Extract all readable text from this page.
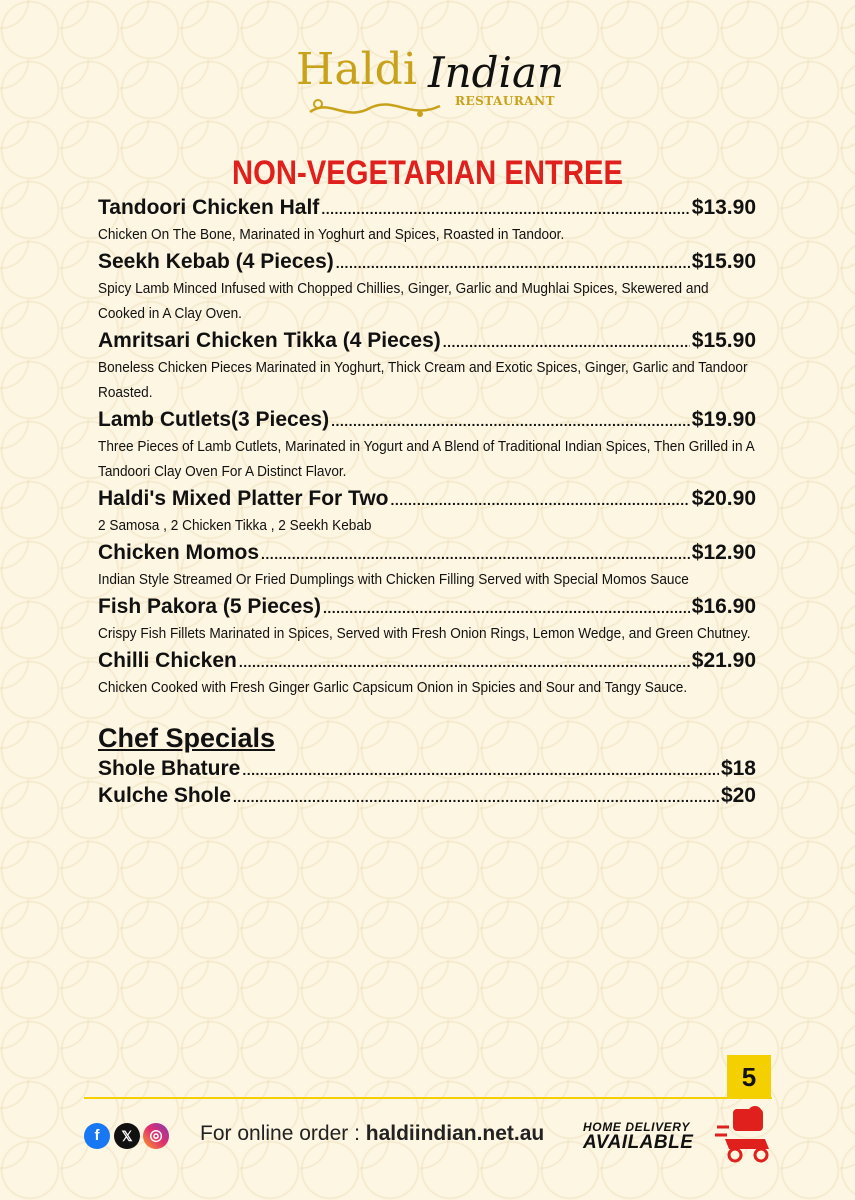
Haldi Indian
RESTAURANT
NON-VEGETARIAN ENTREE
Tandoori Chicken Half .....	$13.90
Chicken On The Bone, Marinated in Yoghurt and Spices, Roasted in Tandoor.
Seekh Kebab (4 Pieces) .....	$15.90
Spicy Lamb Minced Infused with Chopped Chillies, Ginger, Garlic and Mughlai Spices, Skewered and Cooked in A Clay Oven.
Amritsari Chicken Tikka (4 Pieces) .....	$15.90
Boneless Chicken Pieces Marinated in Yoghurt, Thick Cream and Exotic Spices, Ginger, Garlic and Tandoor Roasted.
Lamb Cutlets(3 Pieces) .....	$19.90
Three Pieces of Lamb Cutlets, Marinated in Yogurt and A Blend of Traditional Indian Spices, Then Grilled in A Tandoori Clay Oven For A Distinct Flavor.
Haldi's Mixed Platter For Two .....	$20.90
2 Samosa , 2 Chicken Tikka , 2 Seekh Kebab
Chicken Momos .....	$12.90
Indian Style Streamed Or Fried Dumplings with Chicken Filling Served with Special Momos Sauce
Fish Pakora (5 Pieces) .....	$16.90
Crispy Fish Fillets Marinated in Spices, Served with Fresh Onion Rings, Lemon Wedge, and Green Chutney.
Chilli Chicken .....	$21.90
Chicken Cooked with Fresh Ginger Garlic Capsicum Onion in Spicies and Sour and Tangy Sauce.
Chef Specials
Shole Bhature .....	$18
Kulche Shole .....	$20
5
f	𝕏	◎	For online order : haldiindian.net.au	HOME DELIVERY
AVAILABLE
